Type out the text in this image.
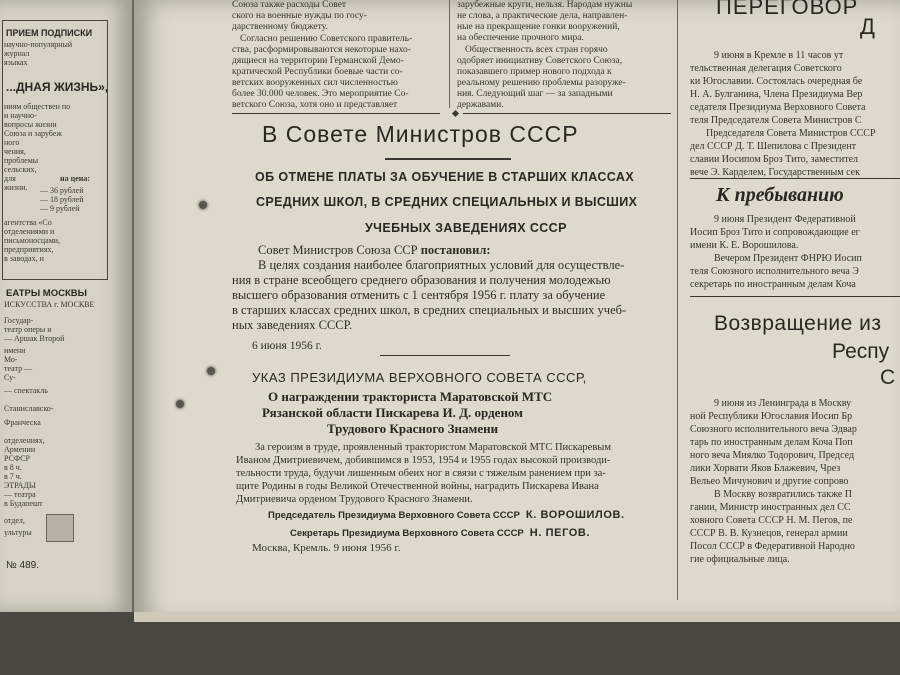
ПРИЕМ ПОДПИСКИ
научно-популярный
журнал
языках
...ДНАЯ ЖИЗНЬ»,
ниям обществен по
и научно-
вопросы жизни
Союза и зарубеж
ного
чения,
проблемы
сельских,
для
жизни.
на цена:
— 36 рублей
— 18 рублей
— 9 рублей
агентства «Со
отделениями и
письмоносцами,
предприятиях,
в заводах, и
ЕАТРЫ МОСКВЫ
ИСКУССТВА г. МОСКВЕ
Государ-
театр оперы и
— Аршак Второй
имени
Мо-
театр —
Су-
— спектакль
Станиславско-
Франческа
отделениях,
Армении
РСФСР
в 8 ч.
в 7 ч.
ЭТРАДЫ
— театра
в Будапешт
отдел,
ультуры
№ 489.
Союза также расходы Совет
ского на военные нужды по госу-
дарственному бюджету.
Согласно решению Советского правитель-
ства, расформировываются некоторые нахо-
дящиеся на территории Германской Демо-
кратической Республики боевые части со-
ветских вооруженных сил численностью
более 30.000 человек. Это мероприятие Со-
ветского Союза, хотя оно и представляет
зарубежные круги, нельзя. Народам нужны
не слова, а практические дела, направлен-
ные на прекращение гонки вооружений,
на обеспечение прочного мира.
Общественность всех стран горячо
одобряет инициативу Советского Союза,
показавшего пример нового подхода к
реальному решению проблемы разоруже-
ния. Следующий шаг — за западными
державами.
В Совете Министров СССР
ОБ ОТМЕНЕ ПЛАТЫ ЗА ОБУЧЕНИЕ В СТАРШИХ КЛАССАХ
СРЕДНИХ ШКОЛ, В СРЕДНИХ СПЕЦИАЛЬНЫХ И ВЫСШИХ
УЧЕБНЫХ ЗАВЕДЕНИЯХ СССР
Совет Министров Союза ССР постановил:
В целях создания наиболее благоприятных условий для осуществле-
ния в стране всеобщего среднего образования и получения молодежью
высшего образования отменить с 1 сентября 1956 г. плату за обучение
в старших классах средних школ, в средних специальных и высших учеб-
ных заведениях СССР.
6 июня 1956 г.
УКАЗ ПРЕЗИДИУМА ВЕРХОВНОГО СОВЕТА СССР,
О награждении тракториста Маратовской МТС
Рязанской области Пискарева И. Д. орденом
Трудового Красного Знамени
За героизм в труде, проявленный трактористом Маратовской МТС Пискаревым
Иваном Дмитриевичем, добившимся в 1953, 1954 и 1955 годах высокой производи-
тельности труда, будучи лишенным обеих ног в связи с тяжелым ранением при за-
щите Родины в годы Великой Отечественной войны, наградить Пискарева Ивана
Дмитриевича орденом Трудового Красного Знамени.
Председатель Президиума Верховного Совета СССР К. ВОРОШИЛОВ.
Секретарь Президиума Верховного Совета СССР Н. ПЕГОВ.
Москва, Кремль. 9 июня 1956 г.
ПЕРЕГОВОР
Д
9 июня в Кремле в 11 часов ут
тельственная делегация Советского
ки Югославии. Состоялась очередная бе
Н. А. Булганина, Члена Президиума Вер
седателя Президиума Верховного Совета
теля Председателя Совета Министров С
Председателя Совета Министров СССР
дел СССР Д. Т. Шепилова с Президент
славии Иосипом Броз Тито, заместител
вече Э. Карделем, Государственным сек
К пребыванию
9 июня Президент Федеративной
Иосип Броз Тито и сопровождающие ег
имени К. Е. Ворошилова.
Вечером Президент ФНРЮ Иосип
теля Союзного исполнительного веча Э
секретарь по иностранным делам Коча
Возвращение из
Респу
С
9 июня из Ленинграда в Москву
ной Республики Югославия Иосип Бр
Союзного исполнительного веча Эдвар
тарь по иностранным делам Коча Поп
ного веча Миялко Тодорович, Председ
лики Хорвати Яков Блажевич, Чрез
Вельео Мичунович и другие сопрово
В Москву возвратились также П
гании, Министр иностранных дел СС
ховного Совета СССР Н. М. Пегов, пе
СССР В. В. Кузнецов, генерал армии
Посол СССР в Федеративной Народно
гие официальные лица.
